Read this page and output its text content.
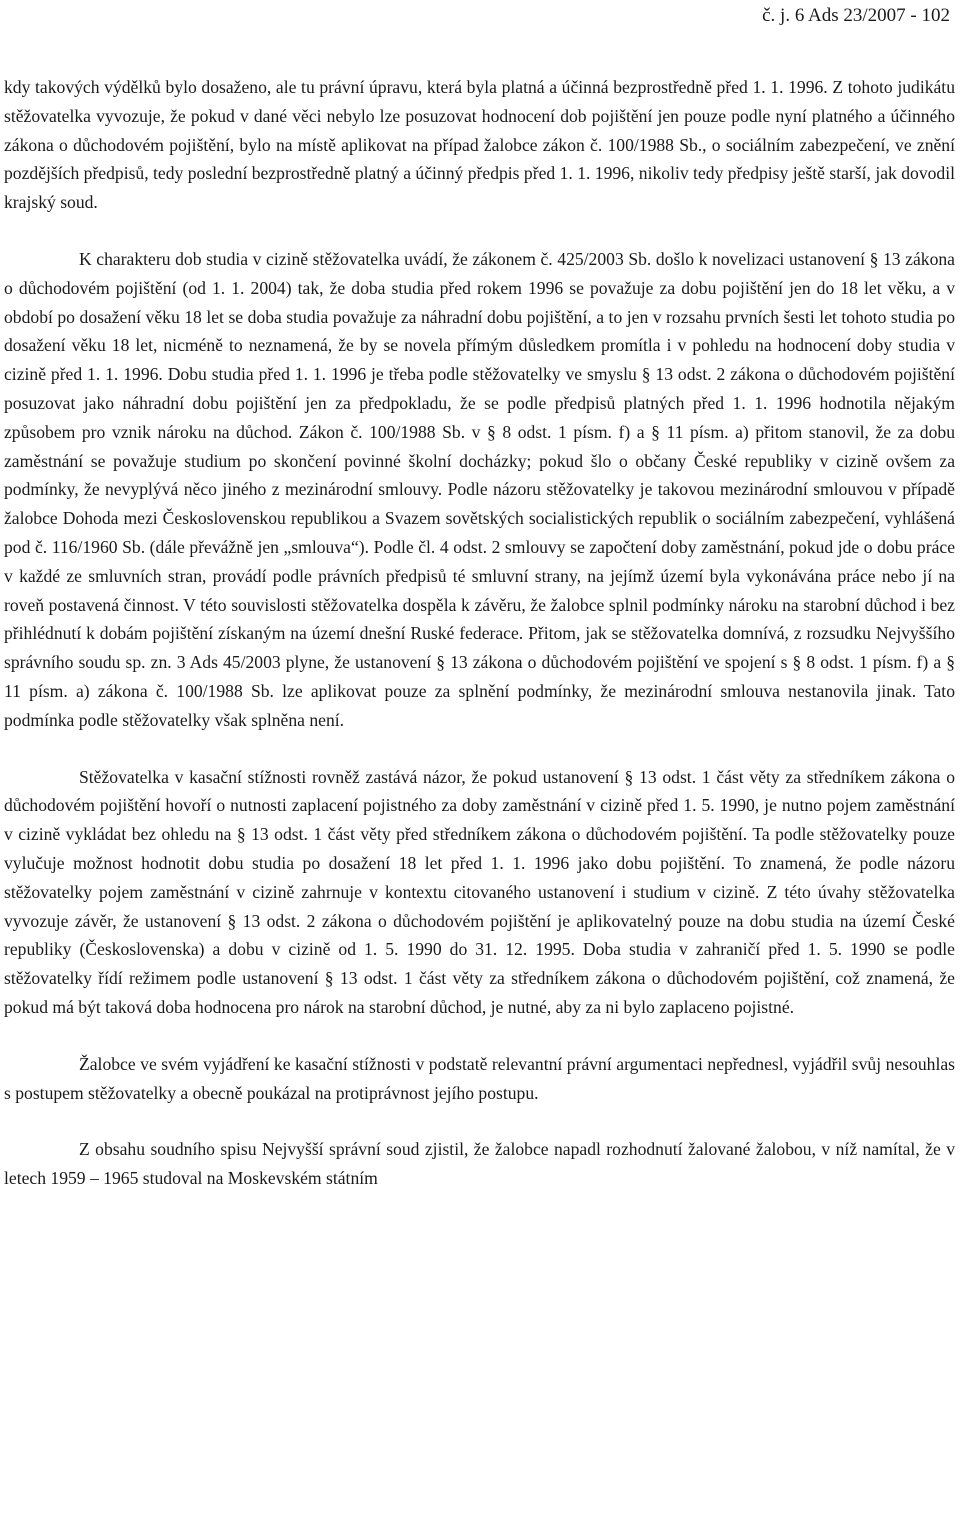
č. j. 6 Ads 23/2007 - 102

kdy takových výdělků bylo dosaženo, ale tu právní úpravu, která byla platná a účinná bezprostředně před 1. 1. 1996. Z tohoto judikátu stěžovatelka vyvozuje, že pokud v dané věci nebylo lze posuzovat hodnocení dob pojištění jen pouze podle nyní platného a účinného zákona o důchodovém pojištění, bylo na místě aplikovat na případ žalobce zákon č. 100/1988 Sb., o sociálním zabezpečení, ve znění pozdějších předpisů, tedy poslední bezprostředně platný a účinný předpis před 1. 1. 1996, nikoliv tedy předpisy ještě starší, jak dovodil krajský soud.

K charakteru dob studia v cizině stěžovatelka uvádí, že zákonem č. 425/2003 Sb. došlo k novelizaci ustanovení § 13 zákona o důchodovém pojištění (od 1. 1. 2004) tak, že doba studia před rokem 1996 se považuje za dobu pojištění jen do 18 let věku, a v období po dosažení věku 18 let se doba studia považuje za náhradní dobu pojištění, a to jen v rozsahu prvních šesti let tohoto studia po dosažení věku 18 let, nicméně to neznamená, že by se novela přímým důsledkem promítla i v pohledu na hodnocení doby studia v cizině před 1. 1. 1996. Dobu studia před 1. 1. 1996 je třeba podle stěžovatelky ve smyslu § 13 odst. 2 zákona o důchodovém pojištění posuzovat jako náhradní dobu pojištění jen za předpokladu, že se podle předpisů platných před 1. 1. 1996 hodnotila nějakým způsobem pro vznik nároku na důchod. Zákon č. 100/1988 Sb. v § 8 odst. 1 písm. f) a § 11 písm. a) přitom stanovil, že za dobu zaměstnání se považuje studium po skončení povinné školní docházky; pokud šlo o občany České republiky v cizině ovšem za podmínky, že nevyplývá něco jiného z mezinárodní smlouvy. Podle názoru stěžovatelky je takovou mezinárodní smlouvou v případě žalobce Dohoda mezi Československou republikou a Svazem sovětských socialistických republik o sociálním zabezpečení, vyhlášená pod č. 116/1960 Sb. (dále převážně jen „smlouva“). Podle čl. 4 odst. 2 smlouvy se započtení doby zaměstnání, pokud jde o dobu práce v každé ze smluvních stran, provádí podle právních předpisů té smluvní strany, na jejímž území byla vykonávána práce nebo jí na roveň postavená činnost. V této souvislosti stěžovatelka dospěla k závěru, že žalobce splnil podmínky nároku na starobní důchod i bez přihlédnutí k dobám pojištění získaným na území dnešní Ruské federace. Přitom, jak se stěžovatelka domnívá, z rozsudku Nejvyššího správního soudu sp. zn. 3 Ads 45/2003 plyne, že ustanovení § 13 zákona o důchodovém pojištění ve spojení s § 8 odst. 1 písm. f) a § 11 písm. a) zákona č. 100/1988 Sb. lze aplikovat pouze za splnění podmínky, že mezinárodní smlouva nestanovila jinak. Tato podmínka podle stěžovatelky však splněna není.

Stěžovatelka v kasační stížnosti rovněž zastává názor, že pokud ustanovení § 13 odst. 1 část věty za středníkem zákona o důchodovém pojištění hovoří o nutnosti zaplacení pojistného za doby zaměstnání v cizině před 1. 5. 1990, je nutno pojem zaměstnání v cizině vykládat bez ohledu na § 13 odst. 1 část věty před středníkem zákona o důchodovém pojištění. Ta podle stěžovatelky pouze vylučuje možnost hodnotit dobu studia po dosažení 18 let před 1. 1. 1996 jako dobu pojištění. To znamená, že podle názoru stěžovatelky pojem zaměstnání v cizině zahrnuje v kontextu citovaného ustanovení i studium v cizině. Z této úvahy stěžovatelka vyvozuje závěr, že ustanovení § 13 odst. 2 zákona o důchodovém pojištění je aplikovatelný pouze na dobu studia na území České republiky (Československa) a dobu v cizině od 1. 5. 1990 do 31. 12. 1995. Doba studia v zahraničí před 1. 5. 1990 se podle stěžovatelky řídí režimem podle ustanovení § 13 odst. 1 část věty za středníkem zákona o důchodovém pojištění, což znamená, že pokud má být taková doba hodnocena pro nárok na starobní důchod, je nutné, aby za ni bylo zaplaceno pojistné.

Žalobce ve svém vyjádření ke kasační stížnosti v podstatě relevantní právní argumentaci nepřednesl, vyjádřil svůj nesouhlas s postupem stěžovatelky a obecně poukázal na protiprávnost jejího postupu.

Z obsahu soudního spisu Nejvyšší správní soud zjistil, že žalobce napadl rozhodnutí žalované žalobou, v níž namítal, že v letech 1959 – 1965 studoval na Moskevském státním
